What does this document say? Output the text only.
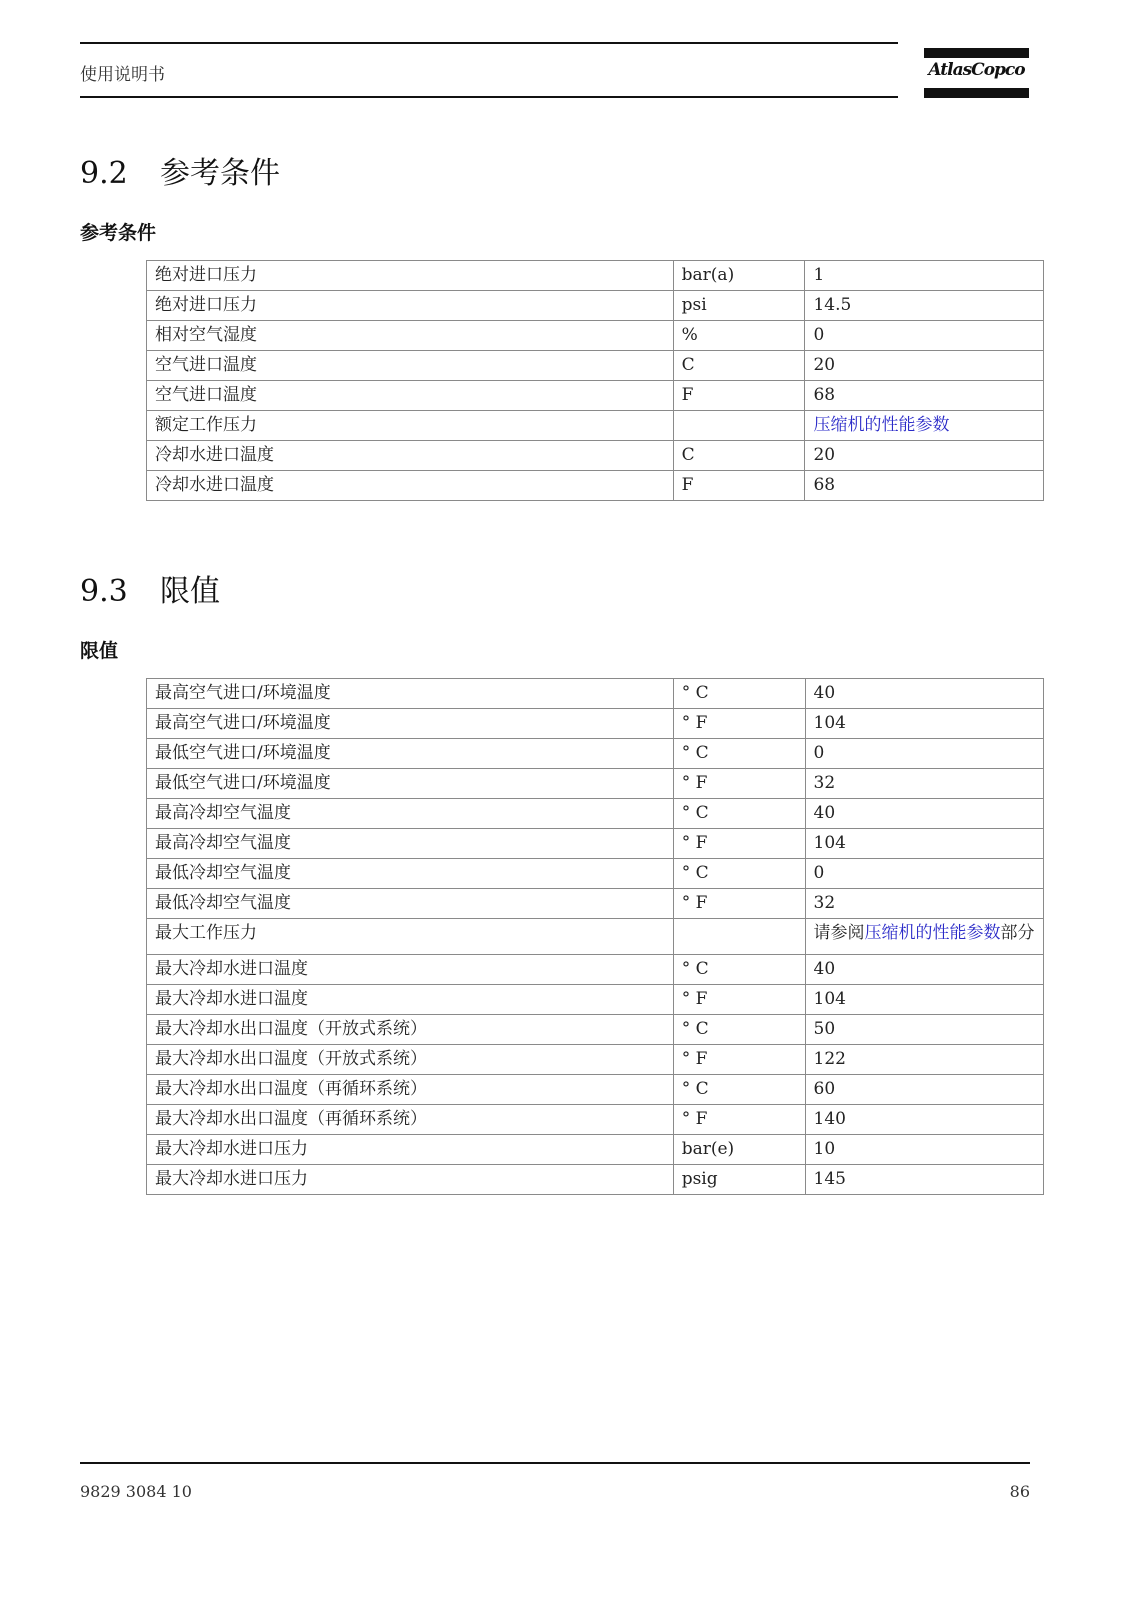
使用说明书	AtlasCopco
9.2 参考条件
参考条件
绝对进口压力	bar(a)	1
绝对进口压力	psi	14.5
相对空气湿度	%	0
空气进口温度	C	20
空气进口温度	F	68
额定工作压力		压缩机的性能参数
冷却水进口温度	C	20
冷却水进口温度	F	68
9.3 限值
限值
最高空气进口/环境温度	° C	40
最高空气进口/环境温度	° F	104
最低空气进口/环境温度	° C	0
最低空气进口/环境温度	° F	32
最高冷却空气温度	° C	40
最高冷却空气温度	° F	104
最低冷却空气温度	° C	0
最低冷却空气温度	° F	32
最大工作压力		请参阅压缩机的性能参数部分
最大冷却水进口温度	° C	40
最大冷却水进口温度	° F	104
最大冷却水出口温度（开放式系统）	° C	50
最大冷却水出口温度（开放式系统）	° F	122
最大冷却水出口温度（再循环系统）	° C	60
最大冷却水出口温度（再循环系统）	° F	140
最大冷却水进口压力	bar(e)	10
最大冷却水进口压力	psig	145
9829 3084 10	86
